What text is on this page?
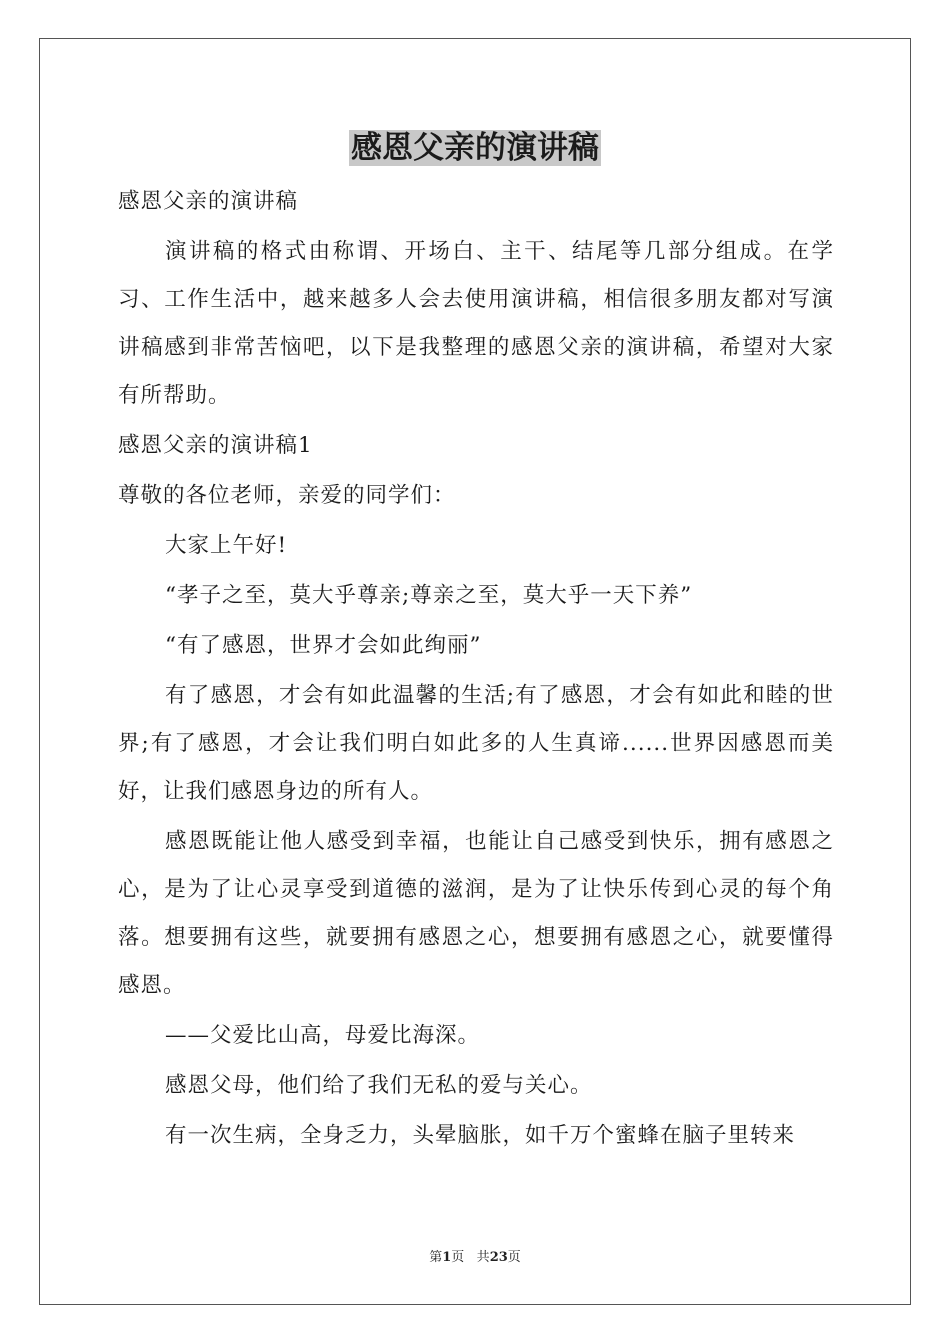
感恩父亲的演讲稿

感恩父亲的演讲稿

演讲稿的格式由称谓、开场白、主干、结尾等几部分组成。在学习、工作生活中，越来越多人会去使用演讲稿，相信很多朋友都对写演讲稿感到非常苦恼吧，以下是我整理的感恩父亲的演讲稿，希望对大家有所帮助。

感恩父亲的演讲稿1

尊敬的各位老师，亲爱的同学们：

大家上午好!

“孝子之至，莫大乎尊亲;尊亲之至，莫大乎一天下养”

“有了感恩，世界才会如此绚丽”

有了感恩，才会有如此温馨的生活;有了感恩，才会有如此和睦的世界;有了感恩，才会让我们明白如此多的人生真谛......世界因感恩而美好，让我们感恩身边的所有人。

感恩既能让他人感受到幸福，也能让自己感受到快乐，拥有感恩之心，是为了让心灵享受到道德的滋润，是为了让快乐传到心灵的每个角落。想要拥有这些，就要拥有感恩之心，想要拥有感恩之心，就要懂得感恩。

——父爱比山高，母爱比海深。

感恩父母，他们给了我们无私的爱与关心。

有一次生病，全身乏力，头晕脑胀，如千万个蜜蜂在脑子里转来

第1页 共23页
